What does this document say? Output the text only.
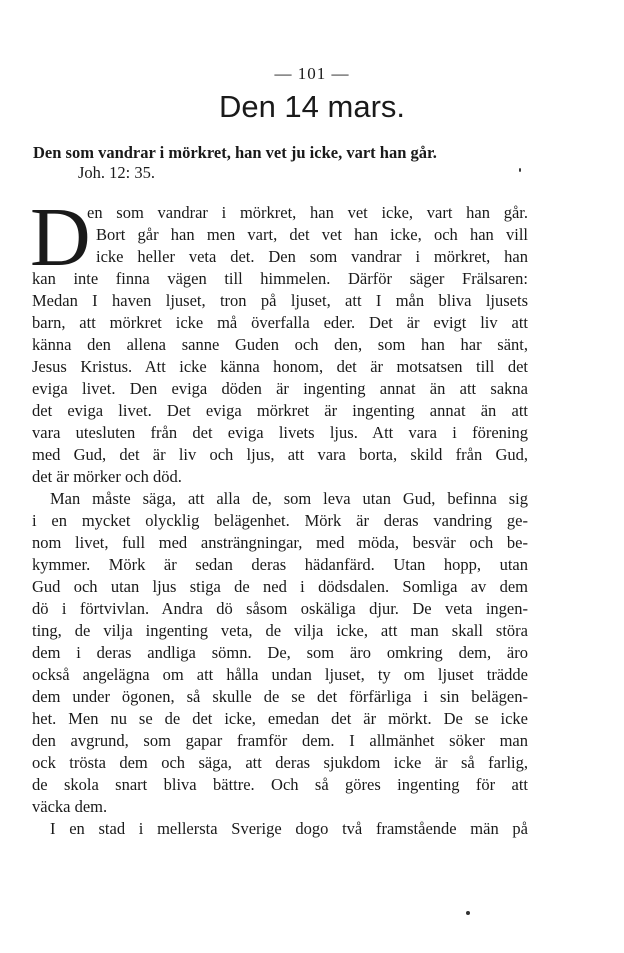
— 101 —
Den 14 mars.
Den som vandrar i mörkret, han vet ju icke, vart han går.
Joh. 12: 35.
D
en som vandrar i mörkret, han vet icke, vart han går.
Bort går han men vart, det vet han icke, och han vill
icke heller veta det. Den som vandrar i mörkret, han
kan inte finna vägen till himmelen. Därför säger Frälsaren:
Medan I haven ljuset, tron på ljuset, att I mån bliva ljusets
barn, att mörkret icke må överfalla eder. Det är evigt liv att
känna den allena sanne Guden och den, som han har sänt,
Jesus Kristus. Att icke känna honom, det är motsatsen till det
eviga livet. Den eviga döden är ingenting annat än att sakna
det eviga livet. Det eviga mörkret är ingenting annat än att
vara utesluten från det eviga livets ljus. Att vara i förening
med Gud, det är liv och ljus, att vara borta, skild från Gud,
det är mörker och död.
Man måste säga, att alla de, som leva utan Gud, befinna sig
i en mycket olycklig belägenhet. Mörk är deras vandring ge-
nom livet, full med ansträngningar, med möda, besvär och be-
kymmer. Mörk är sedan deras hädanfärd. Utan hopp, utan
Gud och utan ljus stiga de ned i dödsdalen. Somliga av dem
dö i förtvivlan. Andra dö såsom oskäliga djur. De veta ingen-
ting, de vilja ingenting veta, de vilja icke, att man skall störa
dem i deras andliga sömn. De, som äro omkring dem, äro
också angelägna om att hålla undan ljuset, ty om ljuset trädde
dem under ögonen, så skulle de se det förfärliga i sin belägen-
het. Men nu se de det icke, emedan det är mörkt. De se icke
den avgrund, som gapar framför dem. I allmänhet söker man
ock trösta dem och säga, att deras sjukdom icke är så farlig,
de skola snart bliva bättre. Och så göres ingenting för att
väcka dem.
I en stad i mellersta Sverige dogo två framstående män på
